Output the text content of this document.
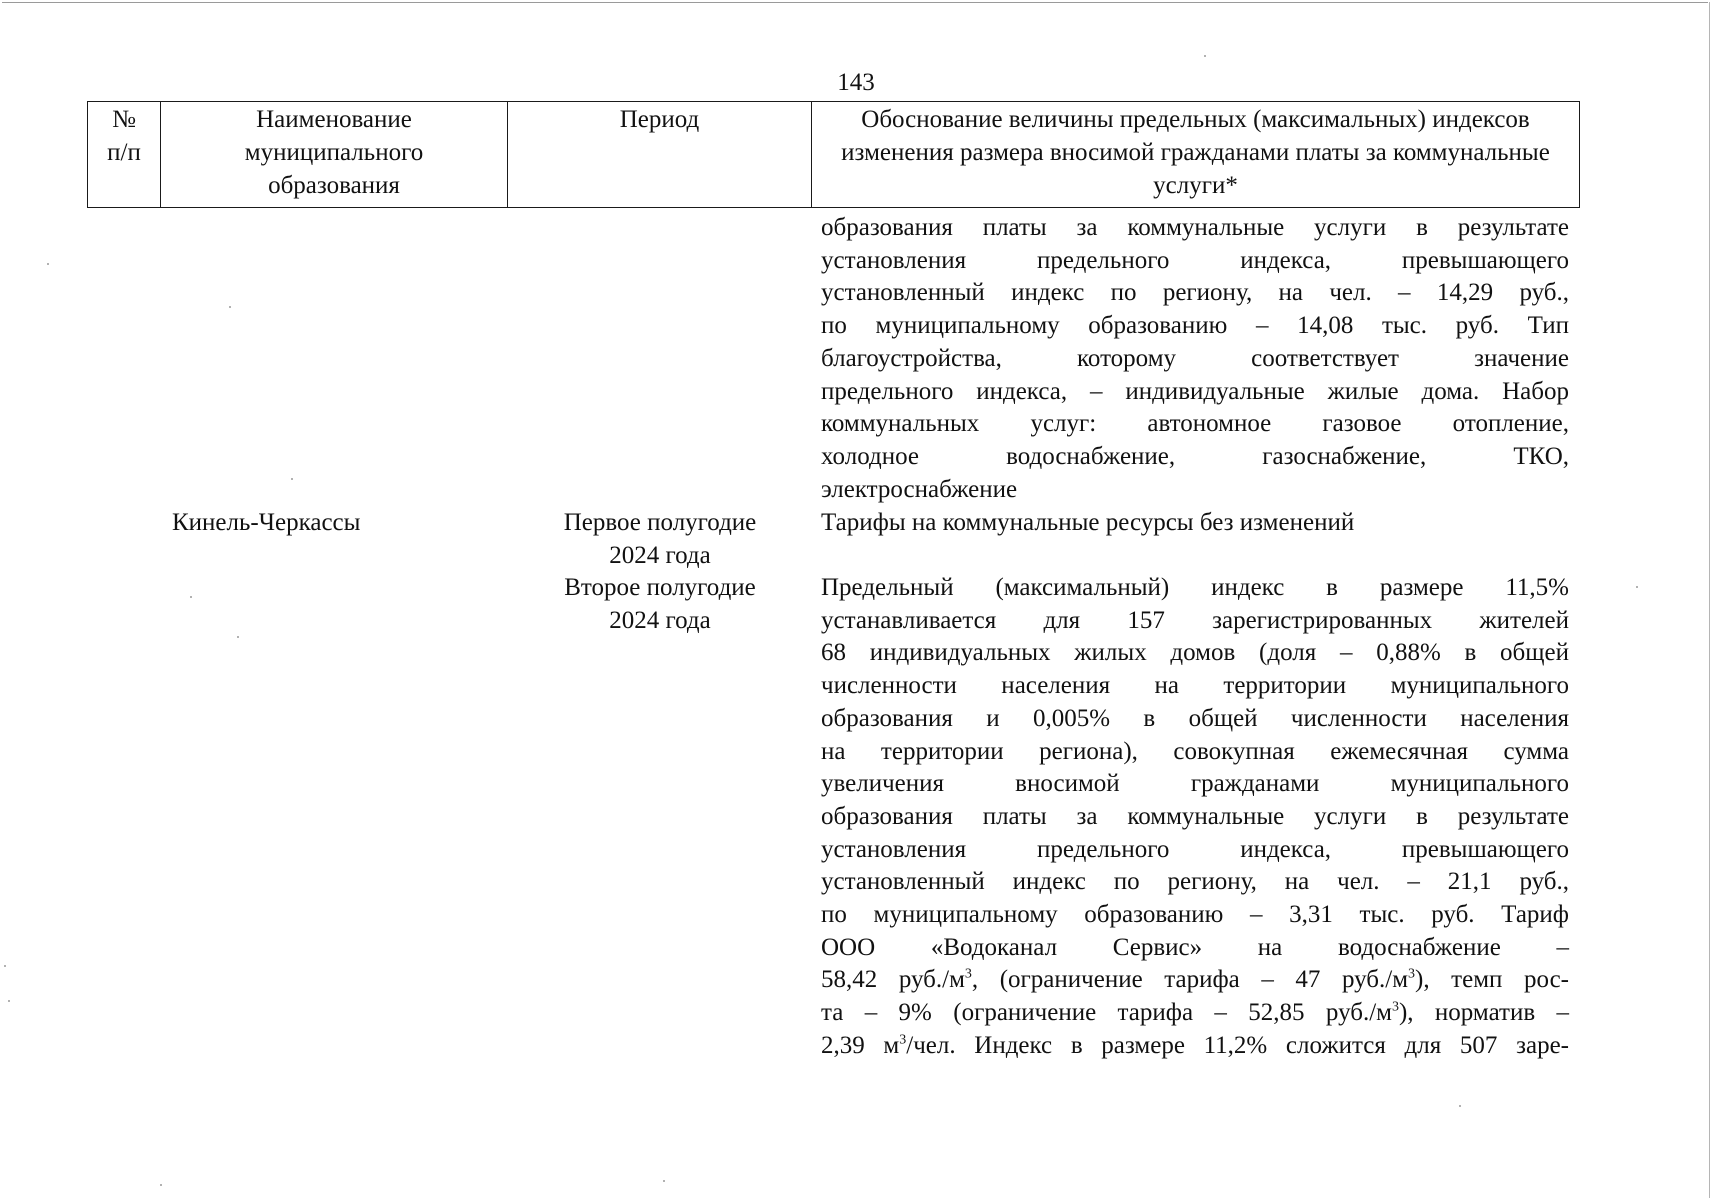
143
№
п/п
Наименование
муниципального
образования
Период	Обоснование величины предельных (максимальных) индексов изменения размера вносимой гражданами платы за коммунальные услуги*
образования платы за коммунальные услуги в результате
установления предельного индекса, превышающего
установленный индекс по региону, на чел. – 14,29 руб.,
по муниципальному образованию – 14,08 тыс. руб. Тип
благоустройства, которому соответствует значение
предельного индекса, – индивидуальные жилые дома. Набор
коммунальных услуг: автономное газовое отопление,
холодное водоснабжение, газоснабжение, ТКО,
электроснабжение
Кинель-Черкассы	Первое полугодие
2024 года
Тарифы на коммунальные ресурсы без изменений
Второе полугодие
2024 года
Предельный (максимальный) индекс в размере 11,5%
устанавливается для 157 зарегистрированных жителей
68 индивидуальных жилых домов (доля – 0,88% в общей
численности населения на территории муниципального
образования и 0,005% в общей численности населения
на территории региона), совокупная ежемесячная сумма
увеличения вносимой гражданами муниципального
образования платы за коммунальные услуги в результате
установления предельного индекса, превышающего
установленный индекс по региону, на чел. – 21,1 руб.,
по муниципальному образованию – 3,31 тыс. руб. Тариф
ООО «Водоканал Сервис» на водоснабжение –
58,42 $руб./м^3$, (ограничение тарифа – 47 $руб./м^3$), темп рос-
та – 9% (ограничение тарифа – 52,85 $руб./м^3$), норматив –
2,39 $м^3$/чел. Индекс в размере 11,2% сложится для 507 заре-
